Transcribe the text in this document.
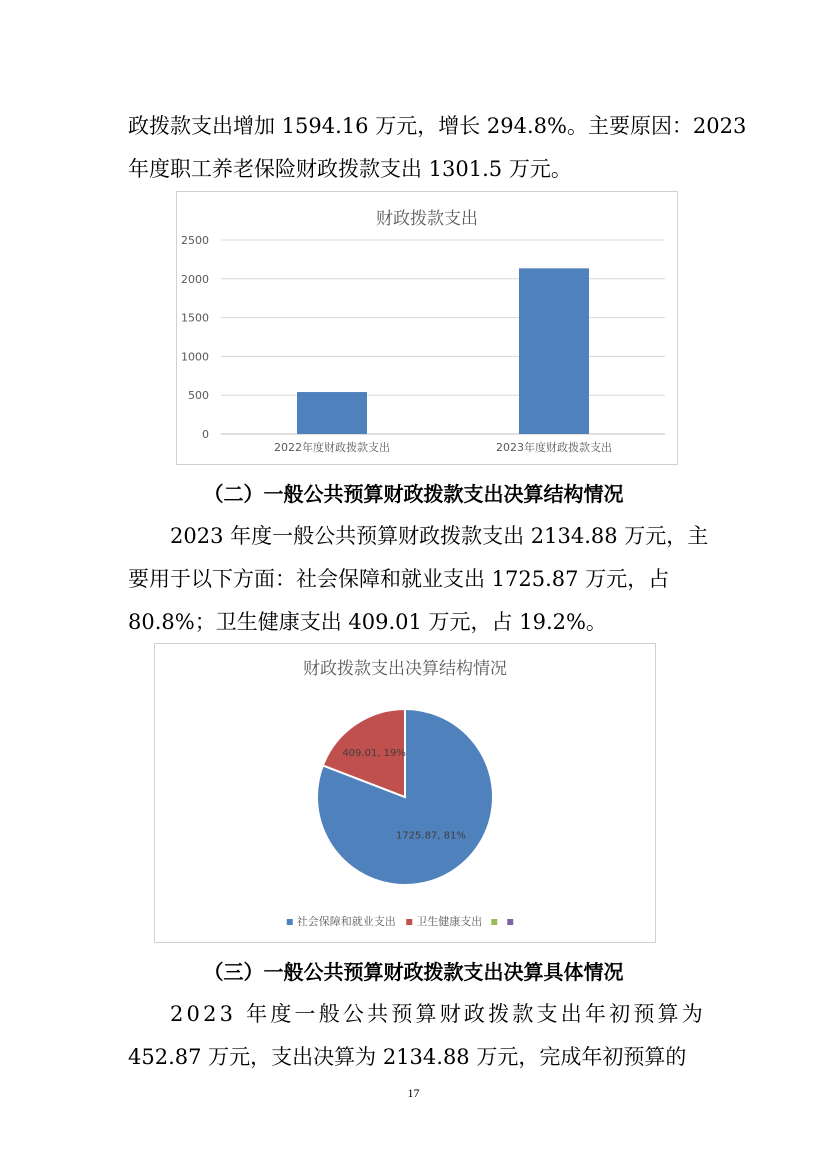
政拨款支出增加 1594.16 万元，增长 294.8%。主要原因：2023

年度职工养老保险财政拨款支出 1301.5 万元。

财政拨款支出
0
500
1000
1500
2000
2500
2022年度财政拨款支出	2023年度财政拨款支出
（二）一般公共预算财政拨款支出决算结构情况

2023 年度一般公共预算财政拨款支出 2134.88 万元，主

要用于以下方面：社会保障和就业支出 1725.87 万元，占

80.8%；卫生健康支出 409.01 万元，占 19.2%。

财政拨款支出决算结构情况
1725.87, 81%
409.01, 19%
社会保障和就业支出 卫生健康支出
（三）一般公共预算财政拨款支出决算具体情况

2023 年度一般公共预算财政拨款支出年初预算为

452.87 万元，支出决算为 2134.88 万元，完成年初预算的

17
